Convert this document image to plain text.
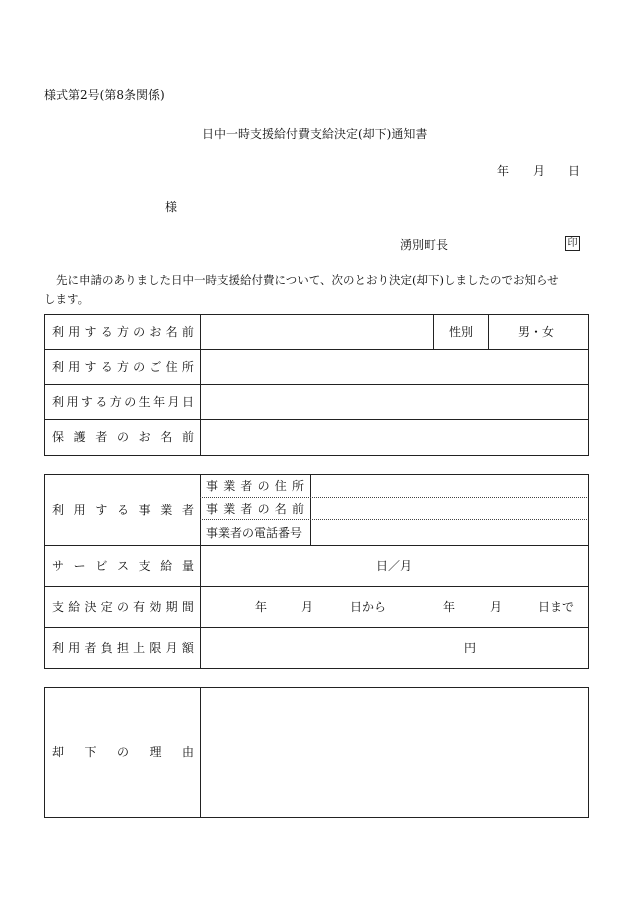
様式第2号(第8条関係)
日中一時支援給付費支給決定(却下)通知書
年 月 日
様
湧別町長	印
先に申請のありました日中一時支援給付費について、次のとおり決定(却下)しましたのでお知らせ
します。
利 用 す る 方 の お 名 前	性別	男・女
利 用 す る 方 の ご 住 所
利 用 す る 方 の 生 年 月 日
保 護 者 の お 名 前
利 用 す る 事 業 者
事 業 者 の 住 所
事 業 者 の 名 前
事業者の電話番号
サ ー ビ ス 支 給 量	日／月
支 給 決 定 の 有 効 期 間	年	月	日から	年	月	日まで
利 用 者 負 担 上 限 月 額	円
却 下 の 理 由
